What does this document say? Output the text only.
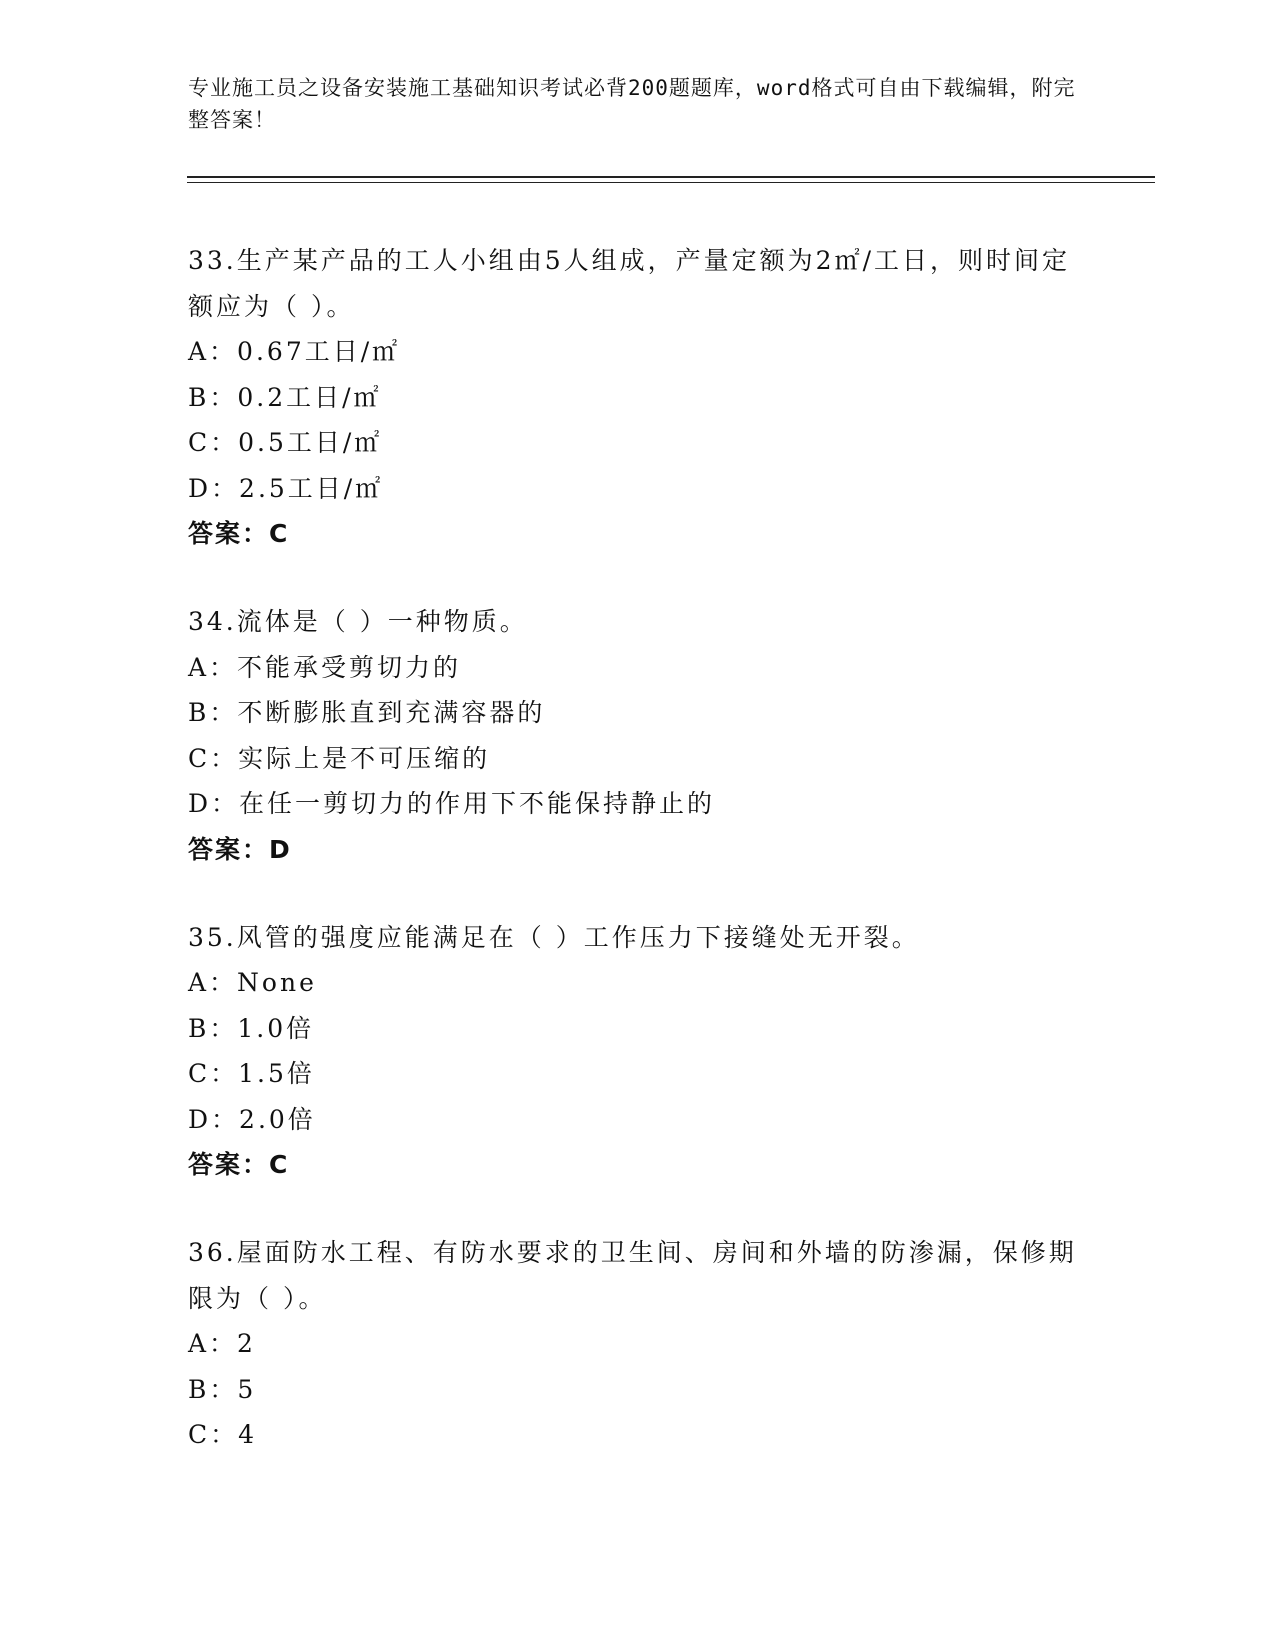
专业施工员之设备安装施工基础知识考试必背200题题库，word格式可自由下载编辑，附完整答案！
33.生产某产品的工人小组由5人组成，产量定额为2㎡/工日，则时间定额应为（ ）。
A：0.67工日/㎡
B：0.2工日/㎡
C：0.5工日/㎡
D：2.5工日/㎡
答案：C
34.流体是（ ）一种物质。
A：不能承受剪切力的
B：不断膨胀直到充满容器的
C：实际上是不可压缩的
D：在任一剪切力的作用下不能保持静止的
答案：D
35.风管的强度应能满足在（ ）工作压力下接缝处无开裂。
A：None
B：1.0倍
C：1.5倍
D：2.0倍
答案：C
36.屋面防水工程、有防水要求的卫生间、房间和外墙的防渗漏，保修期限为（ ）。
A：2
B：5
C：4
